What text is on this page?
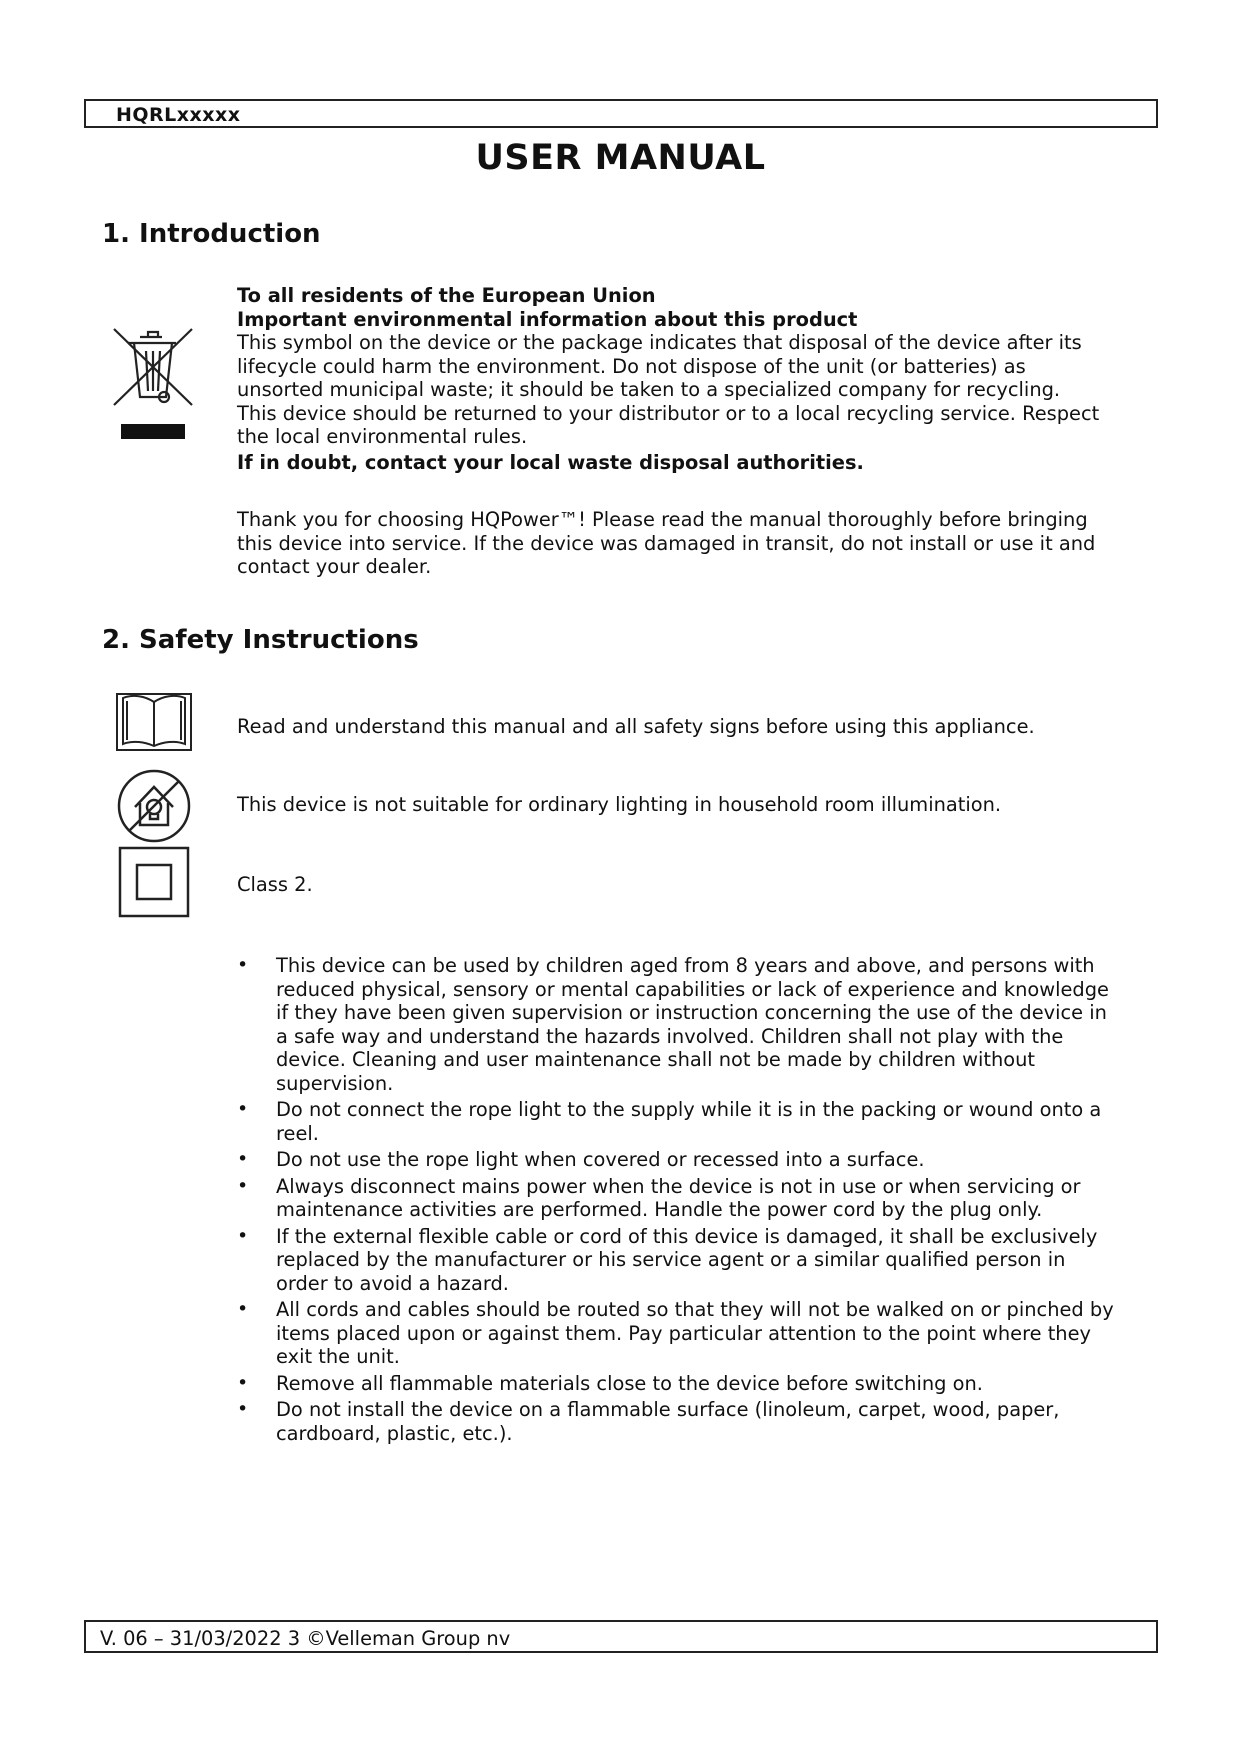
HQRLxxxxx
USER MANUAL
1. Introduction
To all residents of the European Union
Important environmental information about this product
This symbol on the device or the package indicates that disposal of the device after its lifecycle could harm the environment. Do not dispose of the unit (or batteries) as unsorted municipal waste; it should be taken to a specialized company for recycling.
This device should be returned to your distributor or to a local recycling service. Respect the local environmental rules.
If in doubt, contact your local waste disposal authorities.
Thank you for choosing HQPower™! Please read the manual thoroughly before bringing this device into service. If the device was damaged in transit, do not install or use it and contact your dealer.
2. Safety Instructions
Read and understand this manual and all safety signs before using this appliance.
This device is not suitable for ordinary lighting in household room illumination.
Class 2.
• This device can be used by children aged from 8 years and above, and persons with reduced physical, sensory or mental capabilities or lack of experience and knowledge if they have been given supervision or instruction concerning the use of the device in a safe way and understand the hazards involved. Children shall not play with the device. Cleaning and user maintenance shall not be made by children without supervision.
• Do not connect the rope light to the supply while it is in the packing or wound onto a reel.
• Do not use the rope light when covered or recessed into a surface.
• Always disconnect mains power when the device is not in use or when servicing or maintenance activities are performed. Handle the power cord by the plug only.
• If the external flexible cable or cord of this device is damaged, it shall be exclusively replaced by the manufacturer or his service agent or a similar qualified person in order to avoid a hazard.
• All cords and cables should be routed so that they will not be walked on or pinched by items placed upon or against them. Pay particular attention to the point where they exit the unit.
• Remove all flammable materials close to the device before switching on.
• Do not install the device on a flammable surface (linoleum, carpet, wood, paper, cardboard, plastic, etc.).
V. 06 – 31/03/2022 3 ©Velleman Group nv
